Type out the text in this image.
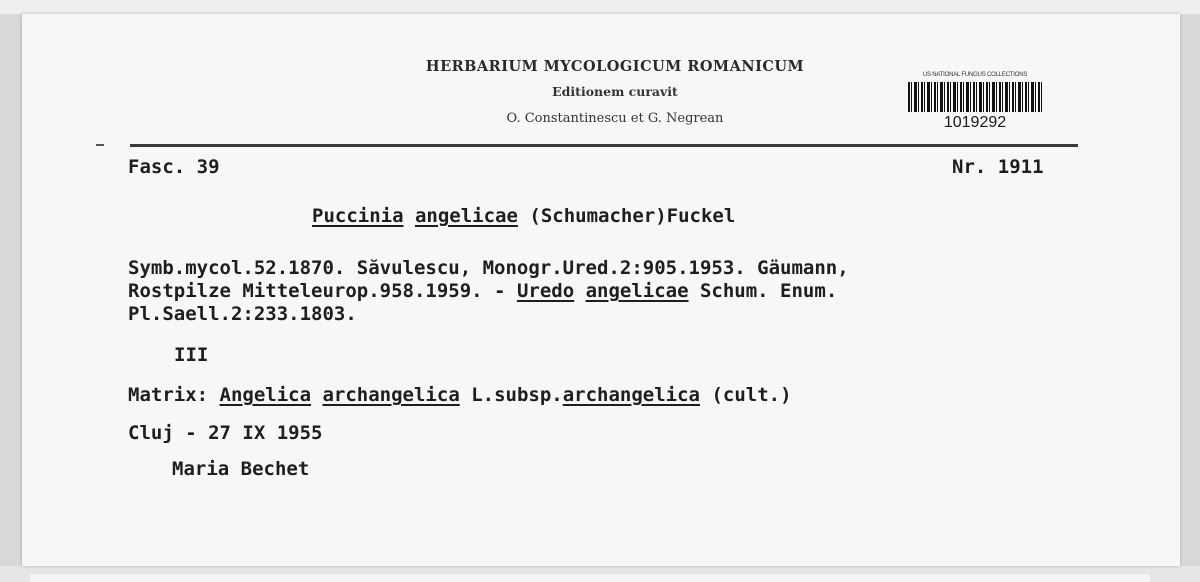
HERBARIUM MYCOLOGICUM ROMANICUM
Editionem curavit
O. Constantinescu et G. Negrean
US NATIONAL FUNGUS COLLECTIONS
1019292
Fasc. 39	Nr. 1911
Puccinia angelicae (Schumacher)Fuckel
Symb.mycol.52.1870. Săvulescu, Monogr.Ured.2:905.1953. Gäumann,
Rostpilze Mitteleurop.958.1959. - Uredo angelicae Schum. Enum.
Pl.Saell.2:233.1803.
III
Matrix: Angelica archangelica L.subsp.archangelica (cult.)
Cluj - 27 IX 1955
Maria Bechet
